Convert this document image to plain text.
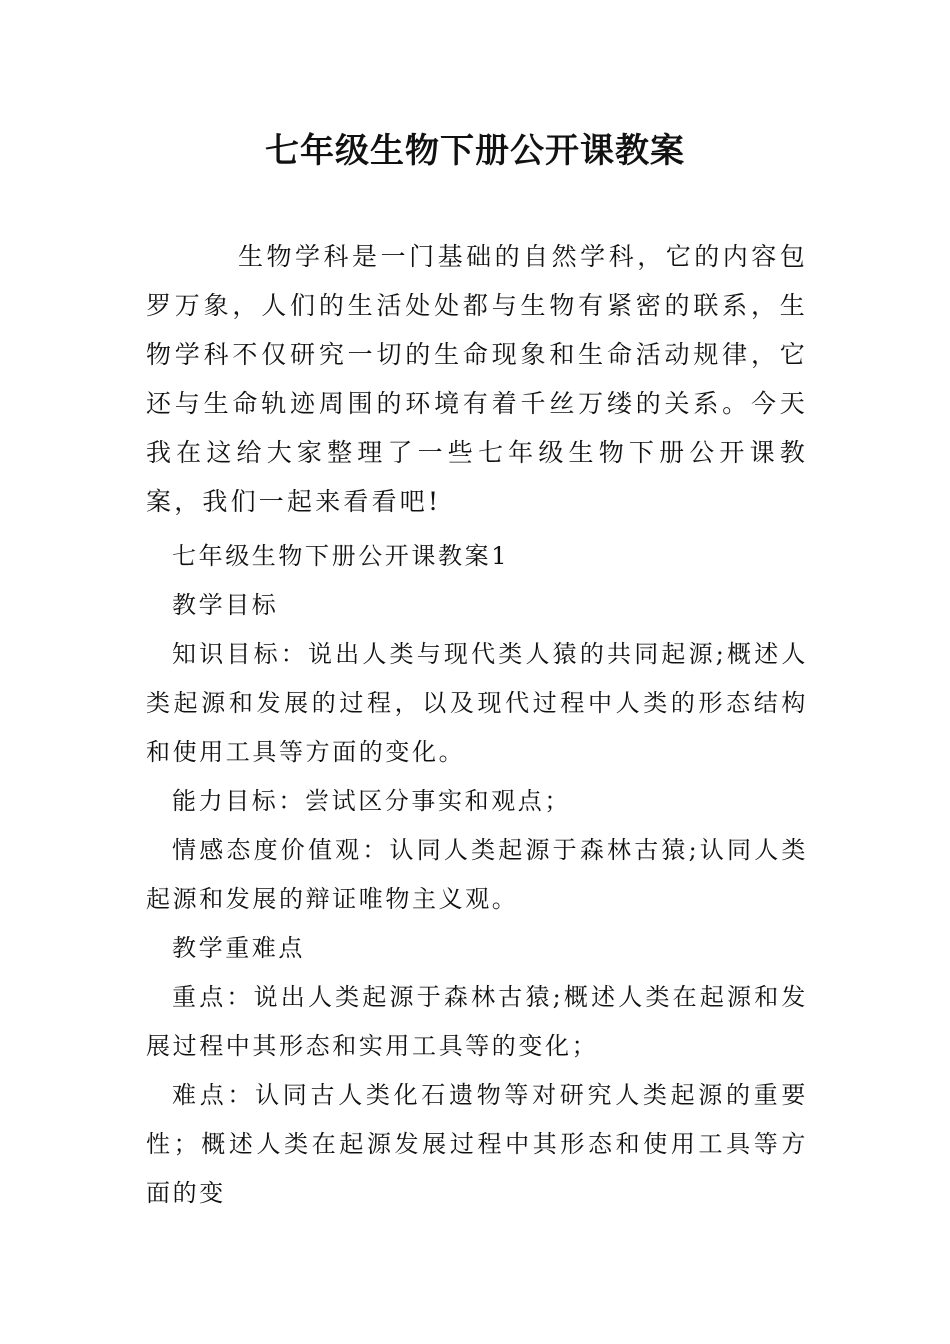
七年级生物下册公开课教案

生物学科是一门基础的自然学科，它的内容包罗万象，人们的生活处处都与生物有紧密的联系，生物学科不仅研究一切的生命现象和生命活动规律，它还与生命轨迹周围的环境有着千丝万缕的关系。今天我在这给大家整理了一些七年级生物下册公开课教案，我们一起来看看吧!

七年级生物下册公开课教案1

教学目标

知识目标：说出人类与现代类人猿的共同起源;概述人类起源和发展的过程，以及现代过程中人类的形态结构和使用工具等方面的变化。

能力目标：尝试区分事实和观点；

情感态度价值观：认同人类起源于森林古猿;认同人类起源和发展的辩证唯物主义观。

教学重难点

重点：说出人类起源于森林古猿;概述人类在起源和发展过程中其形态和实用工具等的变化；

难点：认同古人类化石遗物等对研究人类起源的重要性；概述人类在起源发展过程中其形态和使用工具等方面的变
